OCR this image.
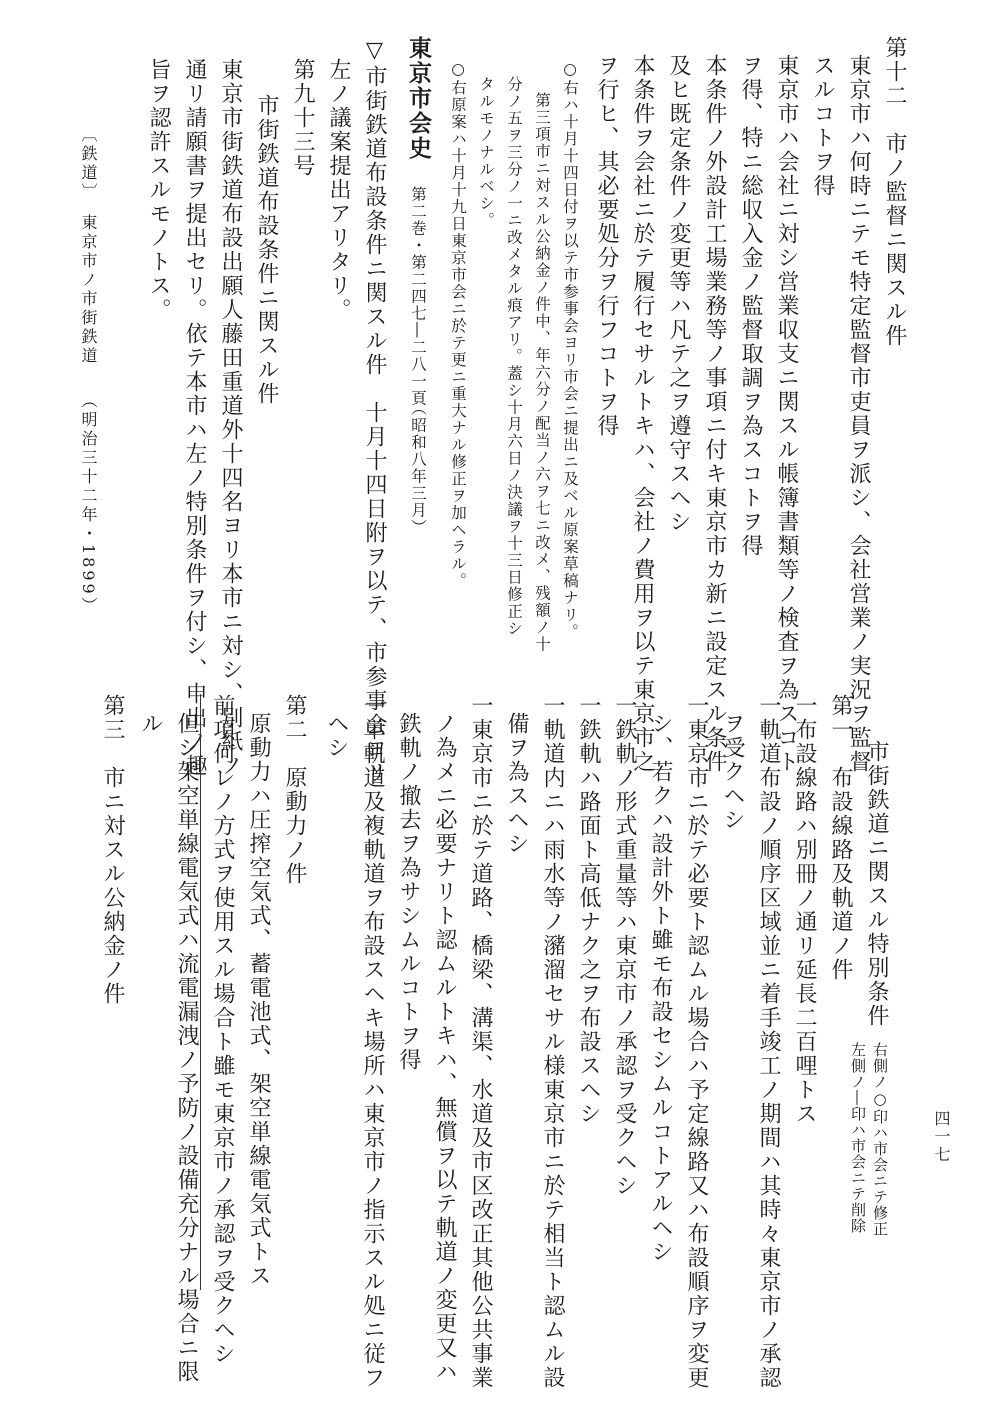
第十二　市ノ監督ニ関スル件
東京市ハ何時ニテモ特定監督市吏員ヲ派シ、会社営業ノ実況ヲ監督
スルコトヲ得
東京市ハ会社ニ対シ営業収支ニ関スル帳簿書類等ノ検査ヲ為スコト
ヲ得、特ニ総収入金ノ監督取調ヲ為スコトヲ得
本条件ノ外設計工場業務等ノ事項ニ付キ東京市カ新ニ設定スル条件
及ヒ既定条件ノ変更等ハ凡テ之ヲ遵守スヘシ
本条件ヲ会社ニ於テ履行セサルトキハ、会社ノ費用ヲ以テ東京市之
ヲ行ヒ、其必要処分ヲ行フコトヲ得
○右ハ十月十四日付ヲ以テ市参事会ヨリ市会ニ提出ニ及ベル原案草稿ナリ。
第三項市ニ対スル公納金ノ件中、年六分ノ配当ノ六ヲ七ニ改メ、残額ノ十
分ノ五ヲ三分ノ一ニ改メタル痕アリ。蓋シ十月六日ノ決議ヲ十三日修正シ
タルモノナルベシ。
○右原案ハ十月十九日東京市会ニ於テ更ニ重大ナル修正ヲ加ヘラル。
東京市会史
第二巻・第二四七―二八一頁
（昭和八年三月）
▽市街鉄道布設条件ニ関スル件　十月十四日附ヲ以テ、市参事会ヨリ
左ノ議案提出アリタリ。
第九十三号
市街鉄道布設条件ニ関スル件
東京市街鉄道布設出願人藤田重道外十四名ヨリ本市ニ対シ、別紙ノ
通リ請願書ヲ提出セリ。依テ本市ハ左ノ特別条件ヲ付シ、申出ノ趣
旨ヲ認許スルモノトス。
〔鉄道〕
東京市ノ市街鉄道
（明治三十二年・1899）
市街鉄道ニ関スル特別条件
右側ノ○印ハ市会ニテ修正
左側ノ―印ハ市会ニテ削除
第一　布設線路及軌道ノ件
一布設線路ハ別冊ノ通リ延長二百哩トス
一軌道布設ノ順序区域並ニ着手竣工ノ期間ハ其時々東京市ノ承認
ヲ受クヘシ
一東京市ニ於テ必要ト認ムル場合ハ予定線路又ハ布設順序ヲ変更
シ、若クハ設計外ト雖モ布設セシムルコトアルヘシ
一鉄軌ノ形式重量等ハ東京市ノ承認ヲ受クヘシ
一鉄軌ハ路面ト高低ナク之ヲ布設スヘシ
一軌道内ニハ雨水等ノ瀦溜セサル様東京市ニ於テ相当ト認ムル設
備ヲ為スヘシ
一東京市ニ於テ道路、橋梁、溝渠、水道及市区改正其他公共事業
ノ為メニ必要ナリト認ムルトキハ、無償ヲ以テ軌道ノ変更又ハ
鉄軌ノ撤去ヲ為サシムルコトヲ得
一単軌道及複軌道ヲ布設スヘキ場所ハ東京市ノ指示スル処ニ従フ
ヘシ
第二　原動力ノ件
原動力ハ圧搾空気式、蓄電池式、架空単線電気式トス
前項何レノ方式ヲ使用スル場合ト雖モ東京市ノ承認ヲ受クヘシ
但シ架空単線電気式ハ流電漏洩ノ予防ノ設備充分ナル場合ニ限
ル
第三　市ニ対スル公納金ノ件
四一七
